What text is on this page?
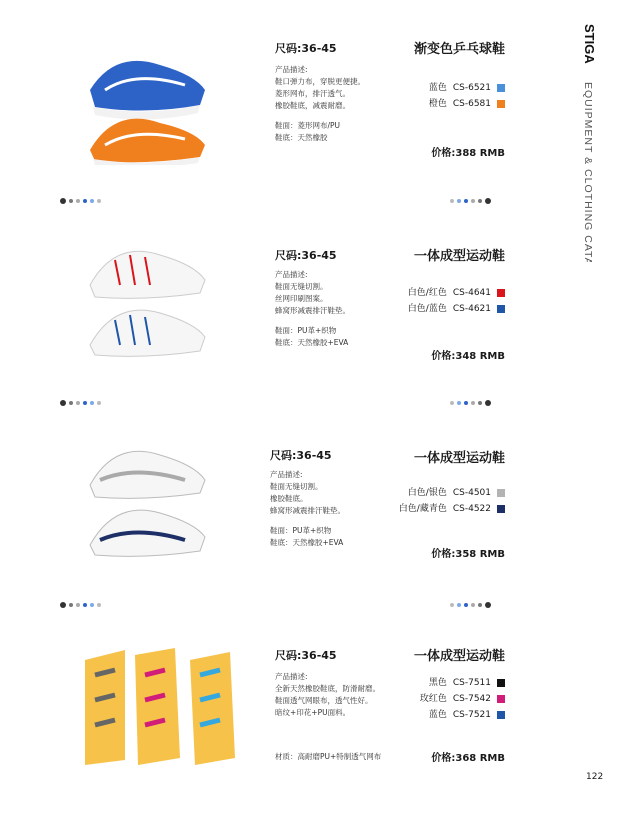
STIGA
EQUIPMENT & CLOTHING CATALOGUE
尺码:36-45	渐变色乒乓球鞋
产品描述:
鞋口弹力布，穿脱更便捷。
菱形网布，排汗透气。
橡胶鞋底，减震耐磨。
鞋面：菱形网布/PU
鞋底：天然橡胶
蓝色 CS-6521
橙色 CS-6581
价格:388 RMB
尺码:36-45	一体成型运动鞋
产品描述:
鞋面无缝切割。
丝网印刷图案。
蜂窝形减震排汗鞋垫。
鞋面：PU革+织物
鞋底：天然橡胶+EVA
白色/红色 CS-4641
白色/蓝色 CS-4621
价格:348 RMB
尺码:36-45	一体成型运动鞋
产品描述:
鞋面无缝切割。
橡胶鞋底。
蜂窝形减震排汗鞋垫。
鞋面：PU革+织物
鞋底：天然橡胶+EVA
白色/银色 CS-4501
白色/藏青色 CS-4522
价格:358 RMB
尺码:36-45	一体成型运动鞋
产品描述:
全新天然橡胶鞋底，防滑耐磨。
鞋面透气网眼布，透气性好。
暗纹+印花+PU面料。
材质：高耐磨PU+特制透气网布
黑色 CS-7511
玫红色 CS-7542
蓝色 CS-7521
价格:368 RMB
122
